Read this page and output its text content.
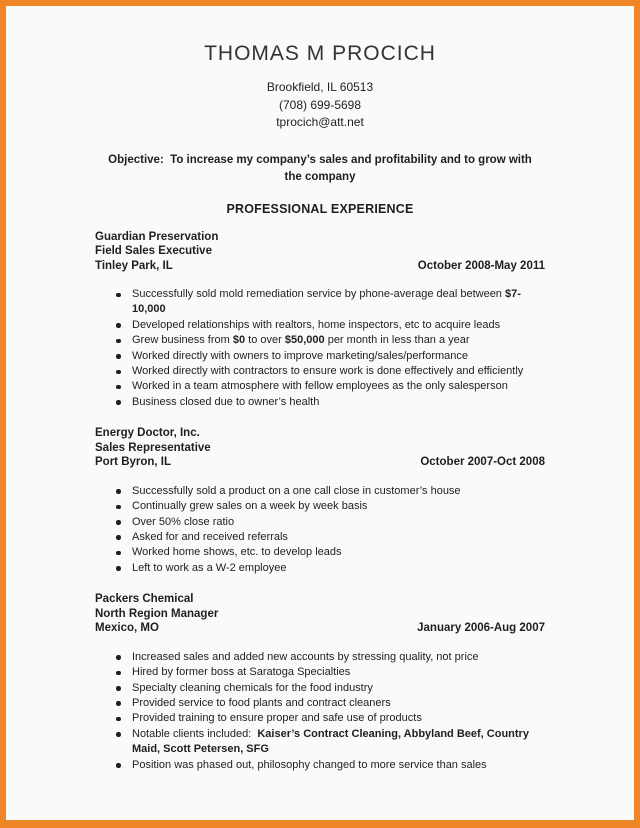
THOMAS M PROCICH
Brookfield, IL 60513
(708) 699-5698
tprocich@att.net

Objective:  To increase my company’s sales and profitability and to grow with
the company

PROFESSIONAL EXPERIENCE
Guardian Preservation
Field Sales Executive
Tinley Park, IL	October 2008-May 2011
Successfully sold mold remediation service by phone-average deal between $7-10,000
Developed relationships with realtors, home inspectors, etc to acquire leads
Grew business from $0 to over $50,000 per month in less than a year
Worked directly with owners to improve marketing/sales/performance
Worked directly with contractors to ensure work is done effectively and efficiently
Worked in a team atmosphere with fellow employees as the only salesperson
Business closed due to owner’s health
Energy Doctor, Inc.
Sales Representative
Port Byron, IL	October 2007-Oct 2008
Successfully sold a product on a one call close in customer’s house
Continually grew sales on a week by week basis
Over 50% close ratio
Asked for and received referrals
Worked home shows, etc. to develop leads
Left to work as a W-2 employee
Packers Chemical
North Region Manager
Mexico, MO	January 2006-Aug 2007
Increased sales and added new accounts by stressing quality, not price
Hired by former boss at Saratoga Specialties
Specialty cleaning chemicals for the food industry
Provided service to food plants and contract cleaners
Provided training to ensure proper and safe use of products
Notable clients included:  Kaiser’s Contract Cleaning, Abbyland Beef, Country Maid, Scott Petersen, SFG
Position was phased out, philosophy changed to more service than sales
